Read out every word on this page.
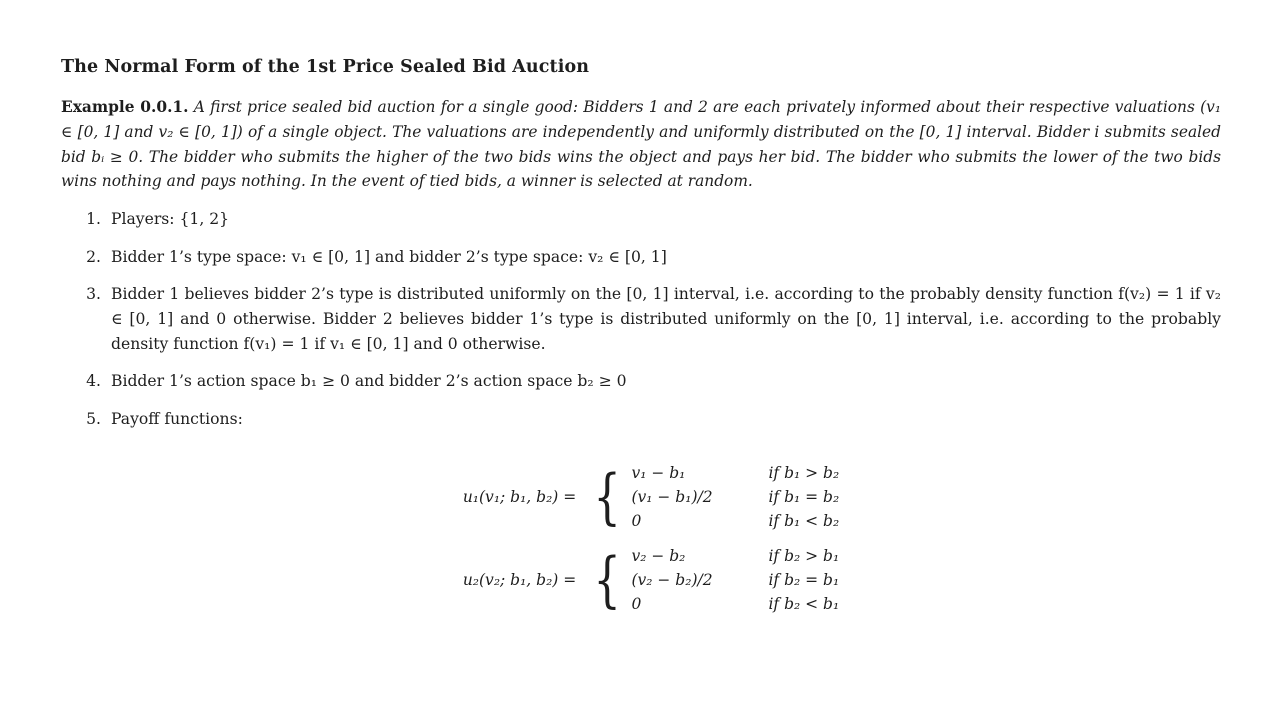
The Normal Form of the 1st Price Sealed Bid Auction

Example 0.0.1. A first price sealed bid auction for a single good: Bidders 1 and 2 are each privately informed about their respective valuations (v₁ ∈ [0, 1] and v₂ ∈ [0, 1]) of a single object. The valuations are independently and uniformly distributed on the [0, 1] interval. Bidder i submits sealed bid bᵢ ≥ 0. The bidder who submits the higher of the two bids wins the object and pays her bid. The bidder who submits the lower of the two bids wins nothing and pays nothing. In the event of tied bids, a winner is selected at random.

1. Players: {1, 2}
2. Bidder 1’s type space: v₁ ∈ [0, 1] and bidder 2’s type space: v₂ ∈ [0, 1]
3. Bidder 1 believes bidder 2’s type is distributed uniformly on the [0, 1] interval, i.e. according to the probably density function f(v₂) = 1 if v₂ ∈ [0, 1] and 0 otherwise. Bidder 2 believes bidder 1’s type is distributed uniformly on the [0, 1] interval, i.e. according to the probably density function f(v₁) = 1 if v₁ ∈ [0, 1] and 0 otherwise.
4. Bidder 1’s action space b₁ ≥ 0 and bidder 2’s action space b₂ ≥ 0
5. Payoff functions:
u₁(v₁; b₁, b₂) = { v₁ − b₁	if b₁ > b₂
(v₁ − b₁)/2	if b₁ = b₂
0	if b₁ < b₂
u₂(v₂; b₁, b₂) = { v₂ − b₂	if b₂ > b₁
(v₂ − b₂)/2	if b₂ = b₁
0	if b₂ < b₁
